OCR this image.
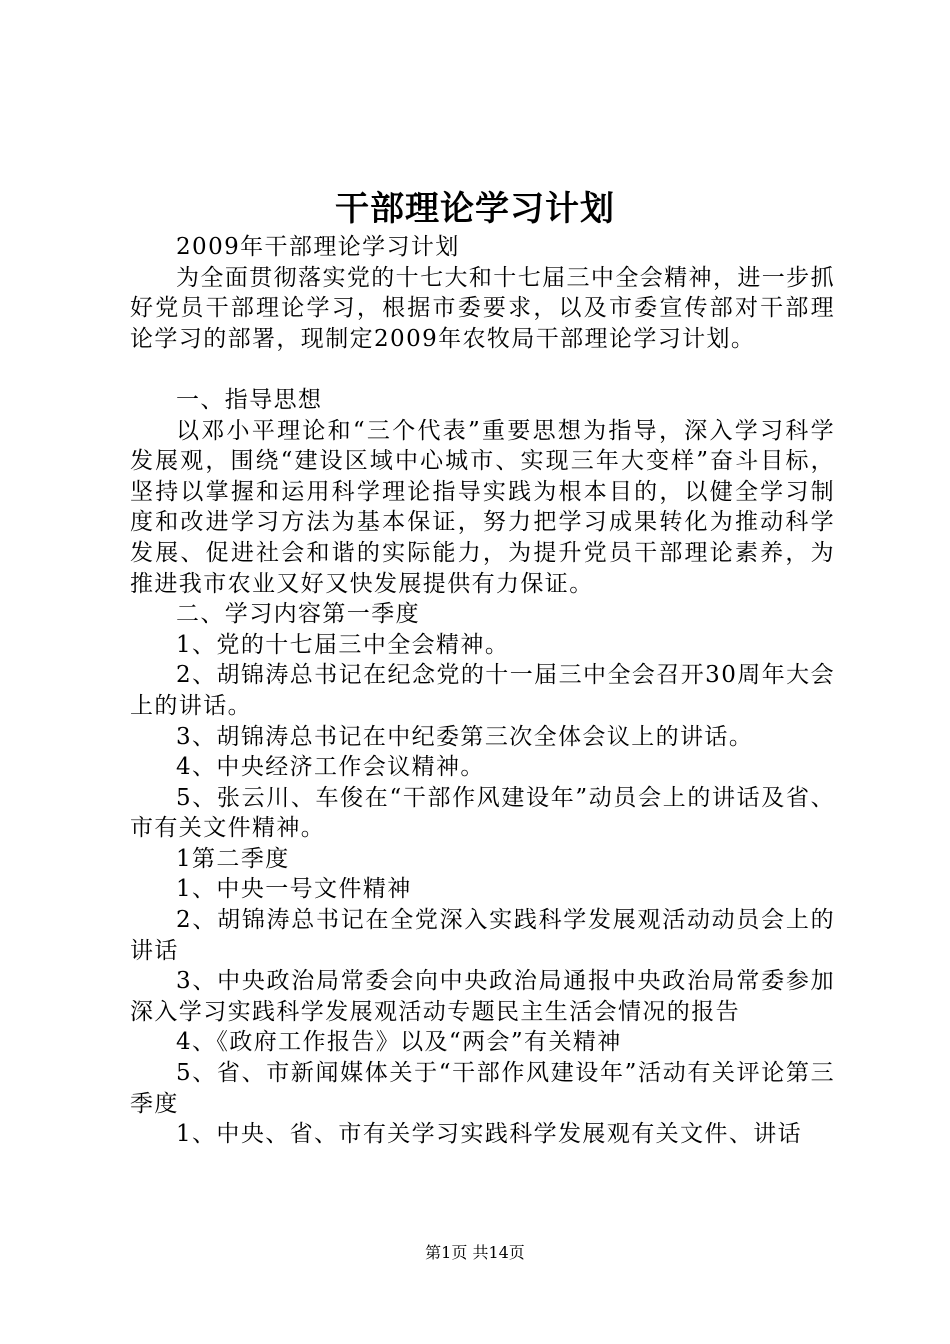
干部理论学习计划

2009年干部理论学习计划

为全面贯彻落实党的十七大和十七届三中全会精神，进一步抓好党员干部理论学习，根据市委要求，以及市委宣传部对干部理论学习的部署，现制定2009年农牧局干部理论学习计划。

一、指导思想

以邓小平理论和“三个代表”重要思想为指导，深入学习科学发展观，围绕“建设区域中心城市、实现三年大变样”奋斗目标，坚持以掌握和运用科学理论指导实践为根本目的，以健全学习制度和改进学习方法为基本保证，努力把学习成果转化为推动科学发展、促进社会和谐的实际能力，为提升党员干部理论素养，为推进我市农业又好又快发展提供有力保证。

二、学习内容第一季度

1、党的十七届三中全会精神。

2、胡锦涛总书记在纪念党的十一届三中全会召开30周年大会上的讲话。

3、胡锦涛总书记在中纪委第三次全体会议上的讲话。

4、中央经济工作会议精神。

5、张云川、车俊在“干部作风建设年”动员会上的讲话及省、市有关文件精神。

1第二季度

1、中央一号文件精神

2、胡锦涛总书记在全党深入实践科学发展观活动动员会上的讲话

3、中央政治局常委会向中央政治局通报中央政治局常委参加深入学习实践科学发展观活动专题民主生活会情况的报告

4、《政府工作报告》以及“两会”有关精神

5、省、市新闻媒体关于“干部作风建设年”活动有关评论第三季度

1、中央、省、市有关学习实践科学发展观有关文件、讲话

第1页 共14页
